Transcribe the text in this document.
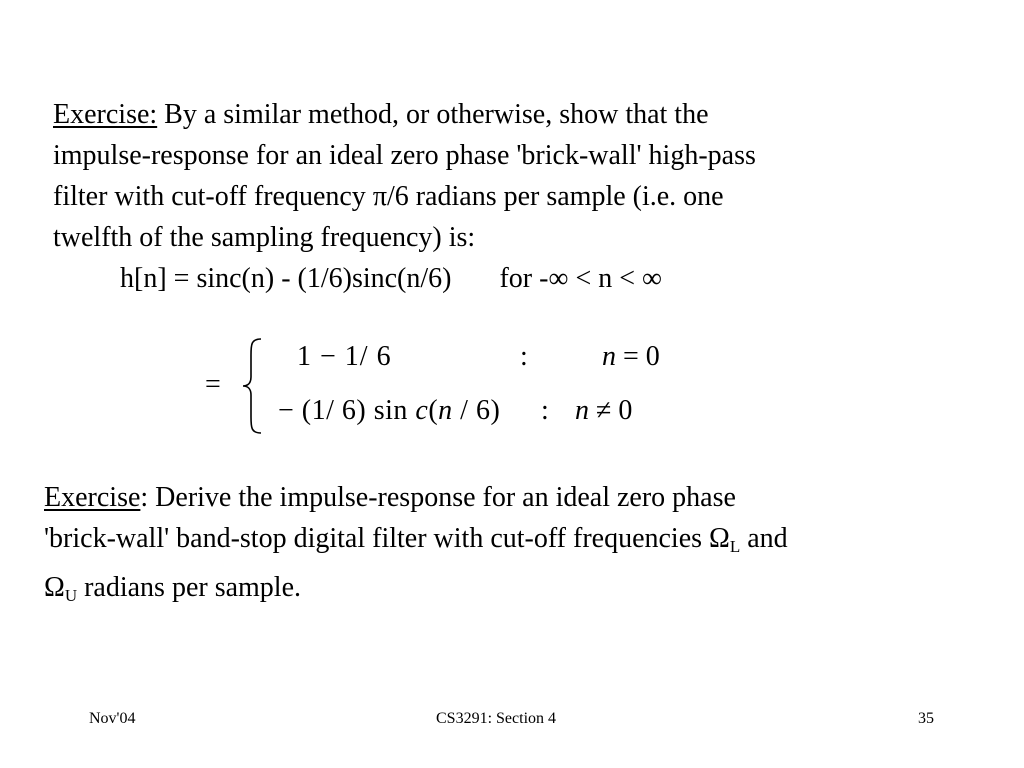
Exercise: By a similar method, or otherwise, show that the
impulse-response for an ideal zero phase 'brick-wall' high-pass
filter with cut-off frequency π/6 radians per sample (i.e. one
twelfth of the sampling frequency) is:
h[n] = sinc(n) - (1/6)sinc(n/6) for -∞ < n < ∞
=
1 − 1/ 6	:	n = 0
− (1/ 6) sin c(n / 6) : n ≠ 0
Exercise: Derive the impulse-response for an ideal zero phase
'brick-wall' band-stop digital filter with cut-off frequencies $\Omega_L$ and
$\Omega_U$ radians per sample.
Nov'04	CS3291: Section 4	35
